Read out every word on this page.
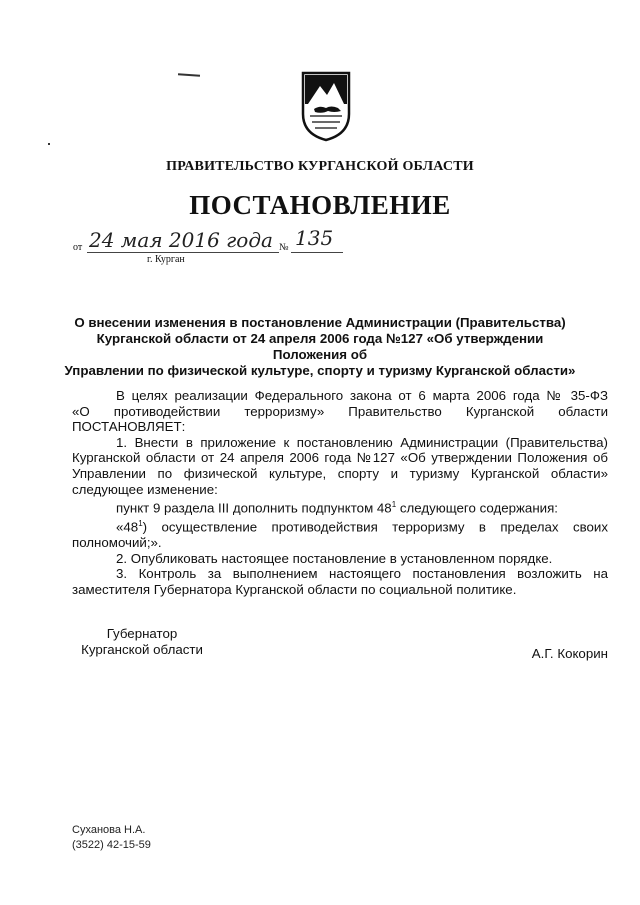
ПРАВИТЕЛЬСТВО КУРГАНСКОЙ ОБЛАСТИ
ПОСТАНОВЛЕНИЕ
от 24 мая 2016 года № 135
г. Курган
О внесении изменения в постановление Администрации (Правительства)
Курганской области от 24 апреля 2006 года №127 «Об утверждении Положения об
Управлении по физической культуре, спорту и туризму Курганской области»

В целях реализации Федерального закона от 6 марта 2006 года № 35-ФЗ

«О противодействии терроризму» Правительство Курганской области

ПОСТАНОВЛЯЕТ:

1. Внести в приложение к постановлению Администрации (Правительства) Курганской области от 24 апреля 2006 года №127 «Об утверждении Положения об Управлении по физической культуре, спорту и туризму Курганской области» следующее изменение:

пункт 9 раздела III дополнить подпунктом $48^1$ следующего содержания:

«$48^1$) осуществление противодействия терроризму в пределах своих

полномочий;».

2. Опубликовать настоящее постановление в установленном порядке.

3. Контроль за выполнением настоящего постановления возложить на заместителя Губернатора Курганской области по социальной политике.

Губернатор
Курганской области	А.Г. Кокорин
Суханова Н.А.
(3522) 42-15-59
